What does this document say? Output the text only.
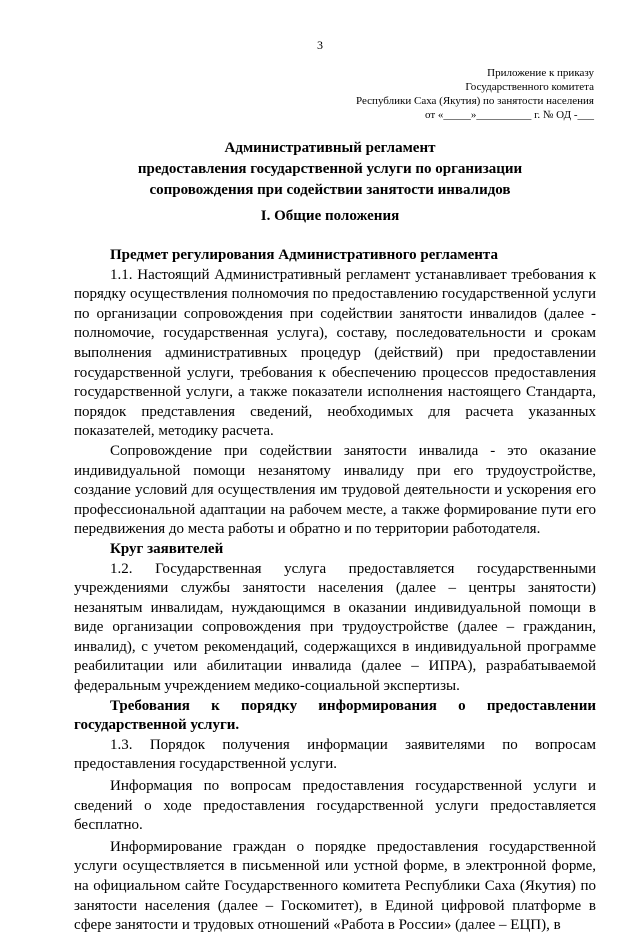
3
Приложение к приказу
Государственного комитета
Республики Саха (Якутия) по занятости населения
от «_____»__________ г. № ОД -___
Административный регламент
предоставления государственной услуги по организации
сопровождения при содействии занятости инвалидов
I. Общие положения

Предмет регулирования Административного регламента

1.1. Настоящий Административный регламент устанавливает требования к порядку осуществления полномочия по предоставлению государственной услуги по организации сопровождения при содействии занятости инвалидов (далее - полномочие, государственная услуга), составу, последовательности и срокам выполнения административных процедур (действий) при предоставлении государственной услуги, требования к обеспечению процессов предоставления государственной услуги, а также показатели исполнения настоящего Стандарта, порядок представления сведений, необходимых для расчета указанных показателей, методику расчета.

Сопровождение при содействии занятости инвалида - это оказание индивидуальной помощи незанятому инвалиду при его трудоустройстве, создание условий для осуществления им трудовой деятельности и ускорения его профессиональной адаптации на рабочем месте, а также формирование пути его передвижения до места работы и обратно и по территории работодателя.

Круг заявителей

1.2. Государственная услуга предоставляется государственными учреждениями службы занятости населения (далее – центры занятости) незанятым инвалидам, нуждающимся в оказании индивидуальной помощи в виде организации сопровождения при трудоустройстве (далее – гражданин, инвалид), с учетом рекомендаций, содержащихся в индивидуальной программе реабилитации или абилитации инвалида (далее – ИПРА), разрабатываемой федеральным учреждением медико-социальной экспертизы.

Требования к порядку информирования о предоставлении государственной услуги.

1.3. Порядок получения информации заявителями по вопросам предоставления государственной услуги.

Информация по вопросам предоставления государственной услуги и сведений о ходе предоставления государственной услуги предоставляется бесплатно.

Информирование граждан о порядке предоставления государственной услуги осуществляется в письменной или устной форме, в электронной форме, на официальном сайте Государственного комитета Республики Саха (Якутия) по занятости населения (далее – Госкомитет), в Единой цифровой платформе в сфере занятости и трудовых отношений «Работа в России» (далее – ЕЦП), в
